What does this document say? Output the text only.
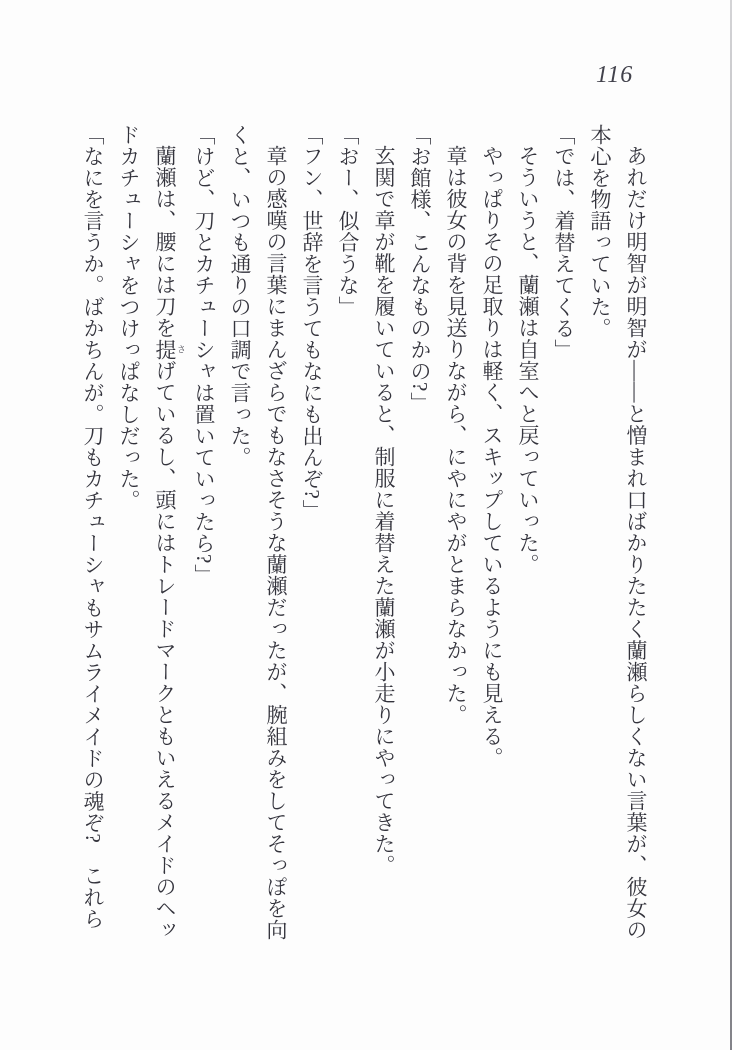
116

あれだけ明智が明智が――と憎まれ口ばかりたたく蘭瀬らしくない言葉が、彼女の

本心を物語っていた。

「では、着替えてくる」

そういうと、蘭瀬は自室へと戻っていった。

やっぱりその足取りは軽く、スキップしているようにも見える。

章は彼女の背を見送りながら、にやにやがとまらなかった。

「お館様、こんなものかの?」

玄関で章が靴を履いていると、制服に着替えた蘭瀬が小走りにやってきた。

「おー、似合うな」

「フン、世辞を言うてもなにも出んぞ?」

章の感嘆の言葉にまんざらでもなさそうな蘭瀬だったが、腕組みをしてそっぽを向

くと、いつも通りの口調で言った。

「けど、刀とカチューシャは置いていったら?」

蘭瀬は、腰には刀を提 さげているし、頭にはトレードマークともいえるメイドのヘッ

ドカチューシャをつけっぱなしだった。

「なにを言うか。ばかちんが。刀もカチューシャもサムライメイドの魂ぞ?　これら
